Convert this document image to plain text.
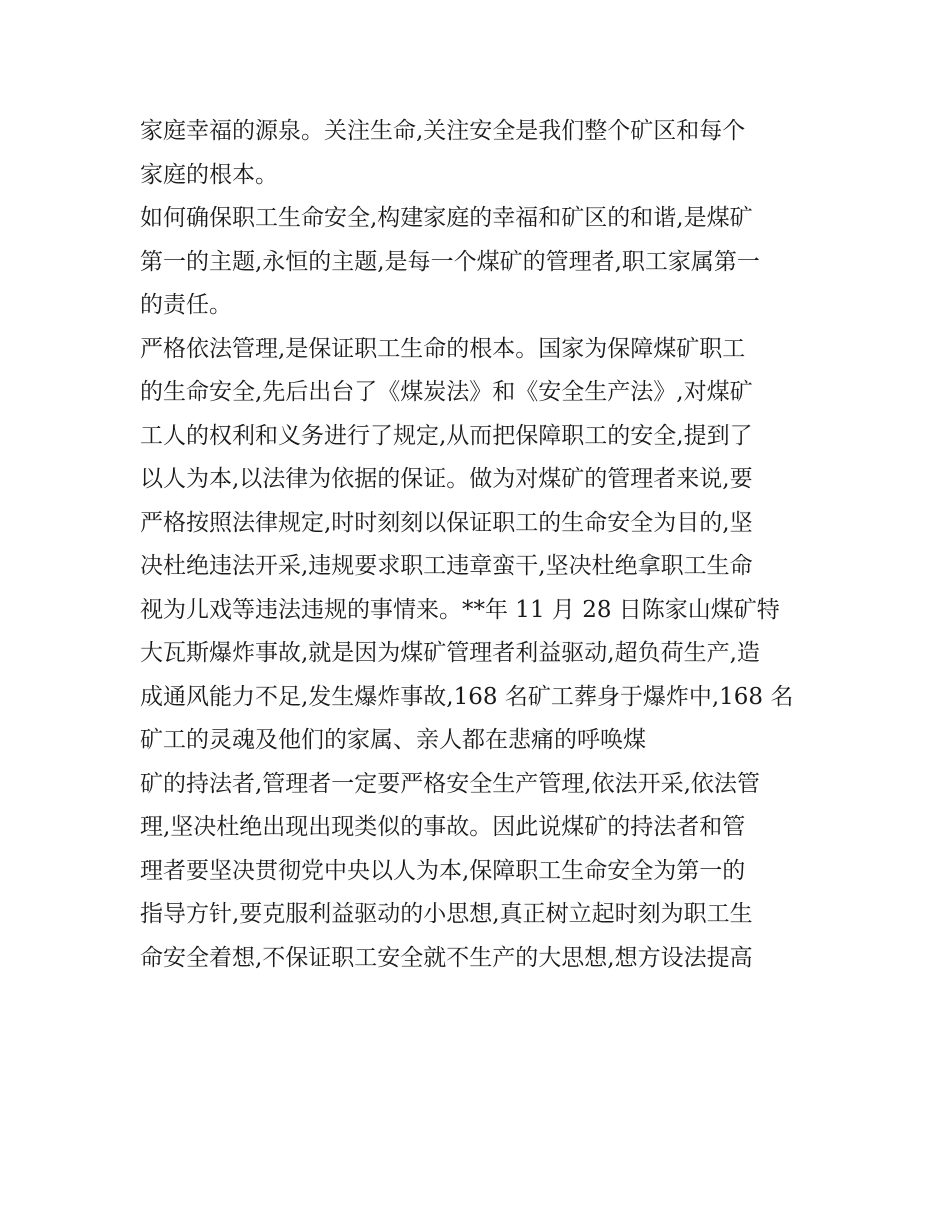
家庭幸福的源泉。关注生命,关注安全是我们整个矿区和每个
家庭的根本。
如何确保职工生命安全,构建家庭的幸福和矿区的和谐,是煤矿
第一的主题,永恒的主题,是每一个煤矿的管理者,职工家属第一
的责任。
严格依法管理,是保证职工生命的根本。国家为保障煤矿职工
的生命安全,先后出台了《煤炭法》和《安全生产法》,对煤矿
工人的权利和义务进行了规定,从而把保障职工的安全,提到了
以人为本,以法律为依据的保证。做为对煤矿的管理者来说,要
严格按照法律规定,时时刻刻以保证职工的生命安全为目的,坚
决杜绝违法开采,违规要求职工违章蛮干,坚决杜绝拿职工生命
视为儿戏等违法违规的事情来。**年 11 月 28 日陈家山煤矿特
大瓦斯爆炸事故,就是因为煤矿管理者利益驱动,超负荷生产,造
成通风能力不足,发生爆炸事故,168 名矿工葬身于爆炸中,168 名
矿工的灵魂及他们的家属、亲人都在悲痛的呼唤煤
矿的持法者,管理者一定要严格安全生产管理,依法开采,依法管
理,坚决杜绝出现出现类似的事故。因此说煤矿的持法者和管
理者要坚决贯彻党中央以人为本,保障职工生命安全为第一的
指导方针,要克服利益驱动的小思想,真正树立起时刻为职工生
命安全着想,不保证职工安全就不生产的大思想,想方设法提高
